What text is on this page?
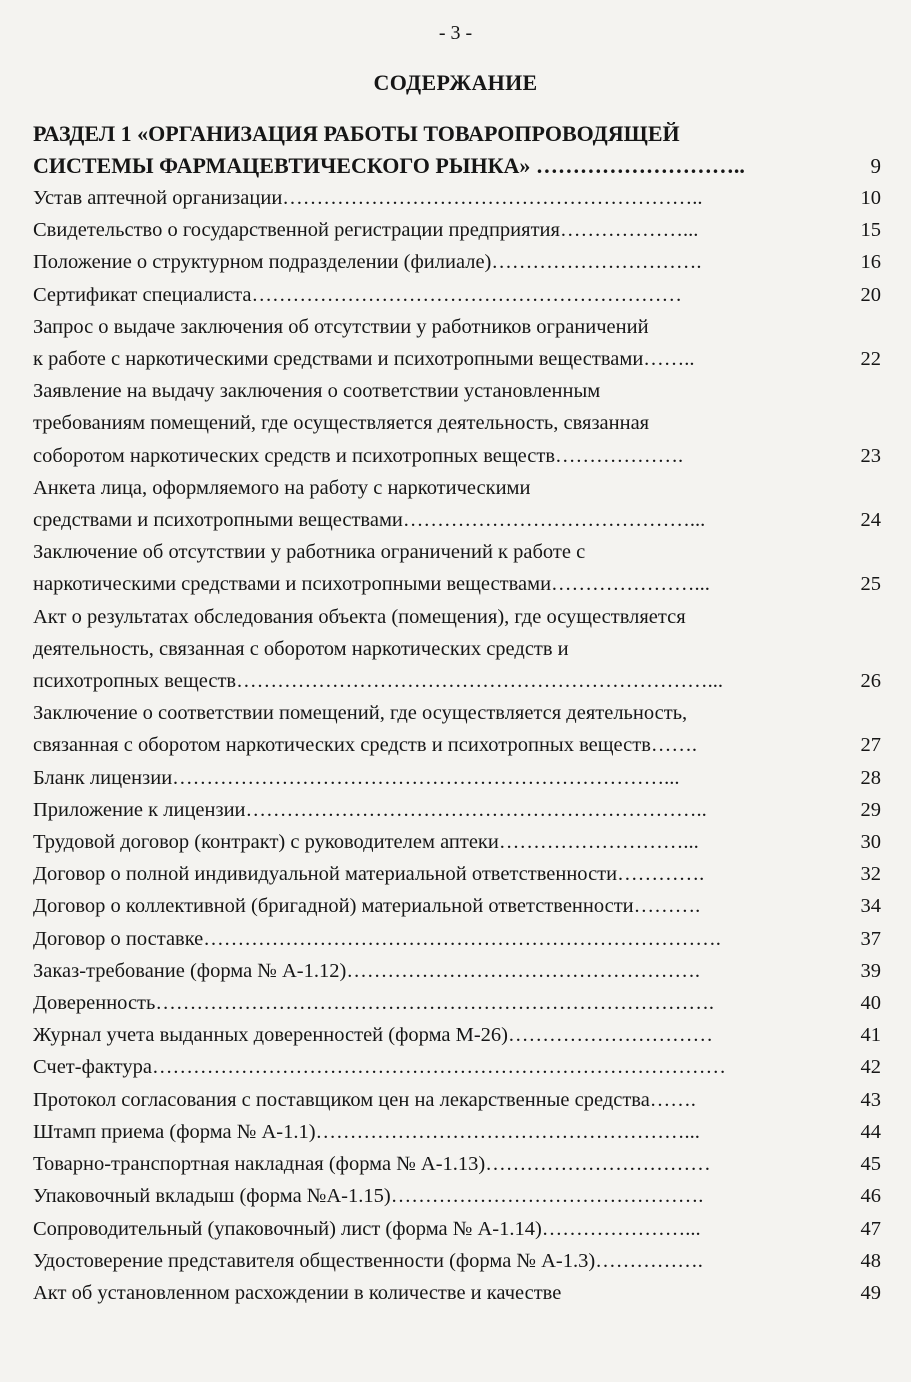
- 3 -
СОДЕРЖАНИЕ
РАЗДЕЛ 1 «ОРГАНИЗАЦИЯ РАБОТЫ ТОВАРОПРОВОДЯЩЕЙ
СИСТЕМЫ ФАРМАЦЕВТИЧЕСКОГО РЫНКА» ………………………..	9
Устав аптечной организации……………………………………………………..	10
Свидетельство о государственной регистрации предприятия………………...	15
Положение о структурном подразделении (филиале)………………………….	16
Сертификат специалиста………………………………………………………	20
Запрос о выдаче заключения об отсутствии у работников ограничений
к работе с наркотическими средствами и психотропными веществами……..	22
Заявление на выдачу заключения о соответствии установленным
требованиям помещений, где осуществляется деятельность, связанная
соборотом наркотических средств и психотропных веществ……………….	23
Анкета лица, оформляемого на работу с наркотическими
средствами и психотропными веществами……………………………………...	24
Заключение об отсутствии у работника ограничений к работе с
наркотическими средствами и психотропными веществами…………………...	25
Акт о результатах обследования объекта (помещения), где осуществляется
деятельность, связанная с оборотом наркотических средств и
психотропных веществ……………………………………………………………...	26
Заключение о соответствии помещений, где осуществляется деятельность,
связанная с оборотом наркотических средств и психотропных веществ…….	27
Бланк лицензии………………………………………………………………...	28
Приложение к лицензии…………………………………………………………..	29
Трудовой договор (контракт) с руководителем аптеки………………………...	30
Договор о полной индивидуальной материальной ответственности………….	32
Договор о коллективной (бригадной) материальной ответственности……….	34
Договор о поставке………………………………………………………………….	37
Заказ-требование (форма № А-1.12)…………………………………………….	39
Доверенность……………………………………………………………………….	40
Журнал учета выданных доверенностей (форма М-26)…………………………	41
Счет-фактура…………………………………………………………………………	42
Протокол согласования с поставщиком цен на лекарственные средства…….	43
Штамп приема (форма № А-1.1)………………………………………………...	44
Товарно-транспортная накладная (форма № А-1.13)……………………………	45
Упаковочный вкладыш (форма №А-1.15)……………………………………….	46
Сопроводительный (упаковочный) лист (форма № А-1.14)…………………...	47
Удостоверение представителя общественности (форма № А-1.3)…………….	48
Акт об установленном расхождении в количестве и качестве	49
